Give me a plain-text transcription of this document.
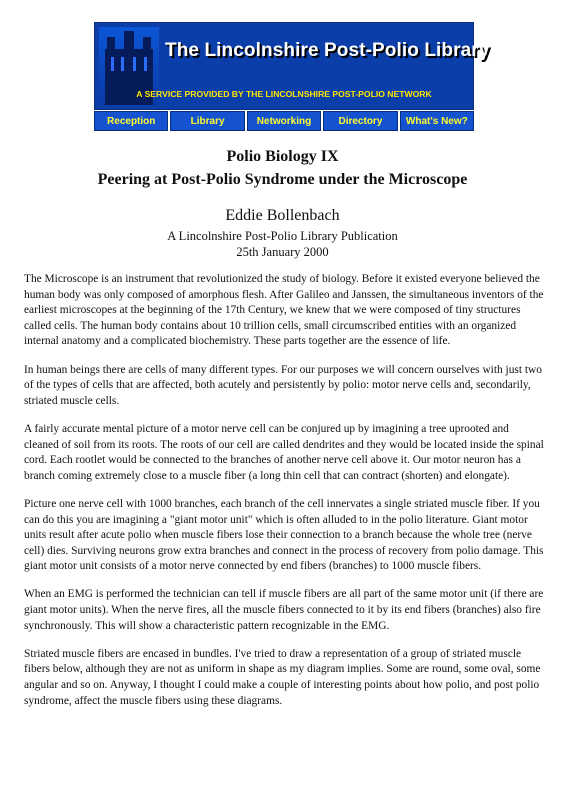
The Lincolnshire Post-Polio Library
A SERVICE PROVIDED BY THE LINCOLNSHIRE POST-POLIO NETWORK
Reception	Library	Networking	Directory	What's New?
Polio Biology IX
Peering at Post-Polio Syndrome under the Microscope
Eddie Bollenbach
A Lincolnshire Post-Polio Library Publication
25th January 2000

The Microscope is an instrument that revolutionized the study of biology. Before it existed everyone believed the human body was only composed of amorphous flesh. After Galileo and Janssen, the simultaneous inventors of the earliest microscopes at the beginning of the 17th Century, we knew that we were composed of tiny structures called cells. The human body contains about 10 trillion cells, small circumscribed entities with an organized internal anatomy and a complicated biochemistry. These parts together are the essence of life.

In human beings there are cells of many different types. For our purposes we will concern ourselves with just two of the types of cells that are affected, both acutely and persistently by polio: motor nerve cells and, secondarily, striated muscle cells.

A fairly accurate mental picture of a motor nerve cell can be conjured up by imagining a tree uprooted and cleaned of soil from its roots. The roots of our cell are called dendrites and they would be located inside the spinal cord. Each rootlet would be connected to the branches of another nerve cell above it. Our motor neuron has a branch coming extremely close to a muscle fiber (a long thin cell that can contract (shorten) and elongate).

Picture one nerve cell with 1000 branches, each branch of the cell innervates a single striated muscle fiber. If you can do this you are imagining a "giant motor unit" which is often alluded to in the polio literature. Giant motor units result after acute polio when muscle fibers lose their connection to a branch because the whole tree (nerve cell) dies. Surviving neurons grow extra branches and connect in the process of recovery from polio damage. This giant motor unit consists of a motor nerve connected by end fibers (branches) to 1000 muscle fibers.

When an EMG is performed the technician can tell if muscle fibers are all part of the same motor unit (if there are giant motor units). When the nerve fires, all the muscle fibers connected to it by its end fibers (branches) also fire synchronously. This will show a characteristic pattern recognizable in the EMG.

Striated muscle fibers are encased in bundles. I've tried to draw a representation of a group of striated muscle fibers below, although they are not as uniform in shape as my diagram implies. Some are round, some oval, some angular and so on. Anyway, I thought I could make a couple of interesting points about how polio, and post polio syndrome, affect the muscle fibers using these diagrams.
